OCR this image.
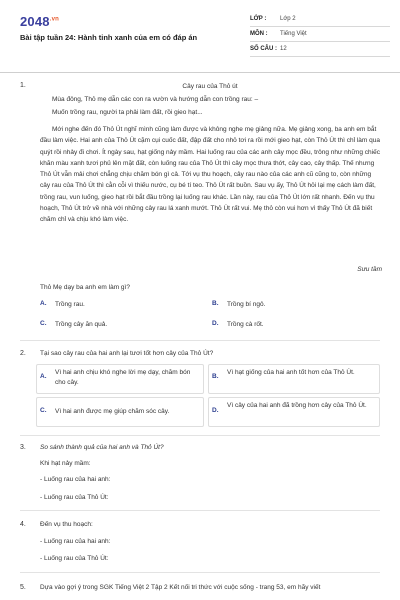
$2048^{.vn}$
Bài tập tuần 24: Hành tinh xanh của em có đáp án
LỚP :	Lớp 2
MÔN :	Tiếng Việt
SỐ CÂU : 12
1.	Cây rau của Thỏ út
Mùa đông, Thỏ mẹ dẫn các con ra vườn và hướng dẫn con trồng rau: –
Muốn trồng rau, người ta phải làm đất, rồi gieo hạt...
Mới nghe đến đó Thỏ Út nghĩ mình cũng làm được và không nghe mẹ giảng nữa. Mẹ giảng xong, ba anh em bắt đầu làm việc. Hai anh của Thỏ Út cặm cụi cuốc đất, đập đất cho nhỏ tơi ra rồi mới gieo hạt, còn Thỏ Út thì chỉ làm qua quýt rồi nhảy đi chơi. Ít ngày sau, hạt giống nảy mầm. Hai luống rau của các anh cây mọc đều, trông như những chiếc khăn màu xanh tươi phủ lên mặt đất, còn luống rau của Thỏ Út thì cây mọc thưa thớt, cây cao, cây thấp. Thế nhưng Thỏ Út vẫn mải chơi chẳng chịu chăm bón gì cả. Tới vụ thu hoạch, cây rau nào của các anh cũ cũng to, còn những cây rau của Thỏ Út thì cằn cỗi vì thiếu nước, cụ bé tí teo. Thỏ Út rất buồn. Sau vụ ấy, Thỏ Út hỏi lại mẹ cách làm đất, trồng rau, vun luống, gieo hạt rồi bắt đầu trồng lại luống rau khác. Lần này, rau của Thỏ Út lớn rất nhanh. Đến vụ thu hoạch, Thỏ Út trở về nhà với những cây rau lá xanh mướt. Thỏ Út rất vui. Mẹ thỏ còn vui hơn vì thấy Thỏ Út đã biết chăm chỉ và chịu khó làm việc.
Sưu tầm
Thỏ Mẹ dạy ba anh em làm gì?
A. Trồng rau.	B. Trồng bí ngô.
C. Trồng cây ăn quả.	D. Trồng cà rốt.
2. Tại sao cây rau của hai anh lại tươi tốt hơn cây của Thỏ Út?
A.
Vì hai anh chịu khó nghe lời mẹ dạy, chăm bón cho cây.
B.
Vì hạt giống của hai anh tốt hơn của Thỏ Út.
C. Vì hai anh được mẹ giúp chăm sóc cây.	D.
Vì cây của hai anh đã trồng hơn cây của Thỏ Út.
3. So sánh thành quả của hai anh và Thỏ Út?
Khi hạt nảy mầm:
- Luống rau của hai anh:
- Luống rau của Thỏ Út:
4. Đến vụ thu hoạch:
- Luống rau của hai anh:
- Luống rau của Thỏ Út:
5. Dựa vào gợi ý trong SGK Tiếng Việt 2 Tập 2 Kết nối tri thức với cuộc sống - trang 53, em hãy viết
